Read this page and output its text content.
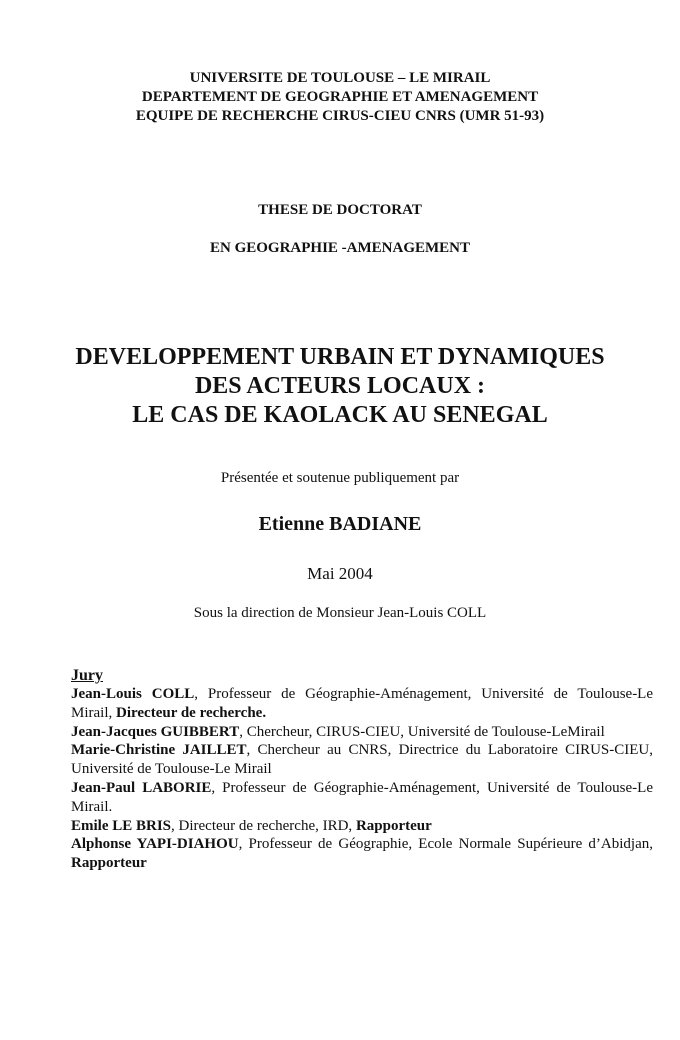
UNIVERSITE DE TOULOUSE – LE MIRAIL
DEPARTEMENT DE GEOGRAPHIE ET AMENAGEMENT
EQUIPE DE RECHERCHE CIRUS-CIEU CNRS (UMR 51-93)
THESE DE DOCTORAT
EN GEOGRAPHIE -AMENAGEMENT
DEVELOPPEMENT URBAIN ET DYNAMIQUES
DES ACTEURS LOCAUX :
LE CAS DE KAOLACK AU SENEGAL
Présentée et soutenue publiquement par
Etienne BADIANE
Mai 2004
Sous la direction de Monsieur Jean-Louis COLL
Jury

Jean-Louis COLL, Professeur de Géographie-Aménagement, Université de Toulouse-Le Mirail, Directeur de recherche.

Jean-Jacques GUIBBERT, Chercheur, CIRUS-CIEU, Université de Toulouse-LeMirail

Marie-Christine JAILLET, Chercheur au CNRS, Directrice du Laboratoire CIRUS-CIEU, Université de Toulouse-Le Mirail

Jean-Paul LABORIE, Professeur de Géographie-Aménagement, Université de Toulouse-Le Mirail.

Emile LE BRIS, Directeur de recherche, IRD, Rapporteur

Alphonse YAPI-DIAHOU, Professeur de Géographie, Ecole Normale Supérieure d’Abidjan, Rapporteur
